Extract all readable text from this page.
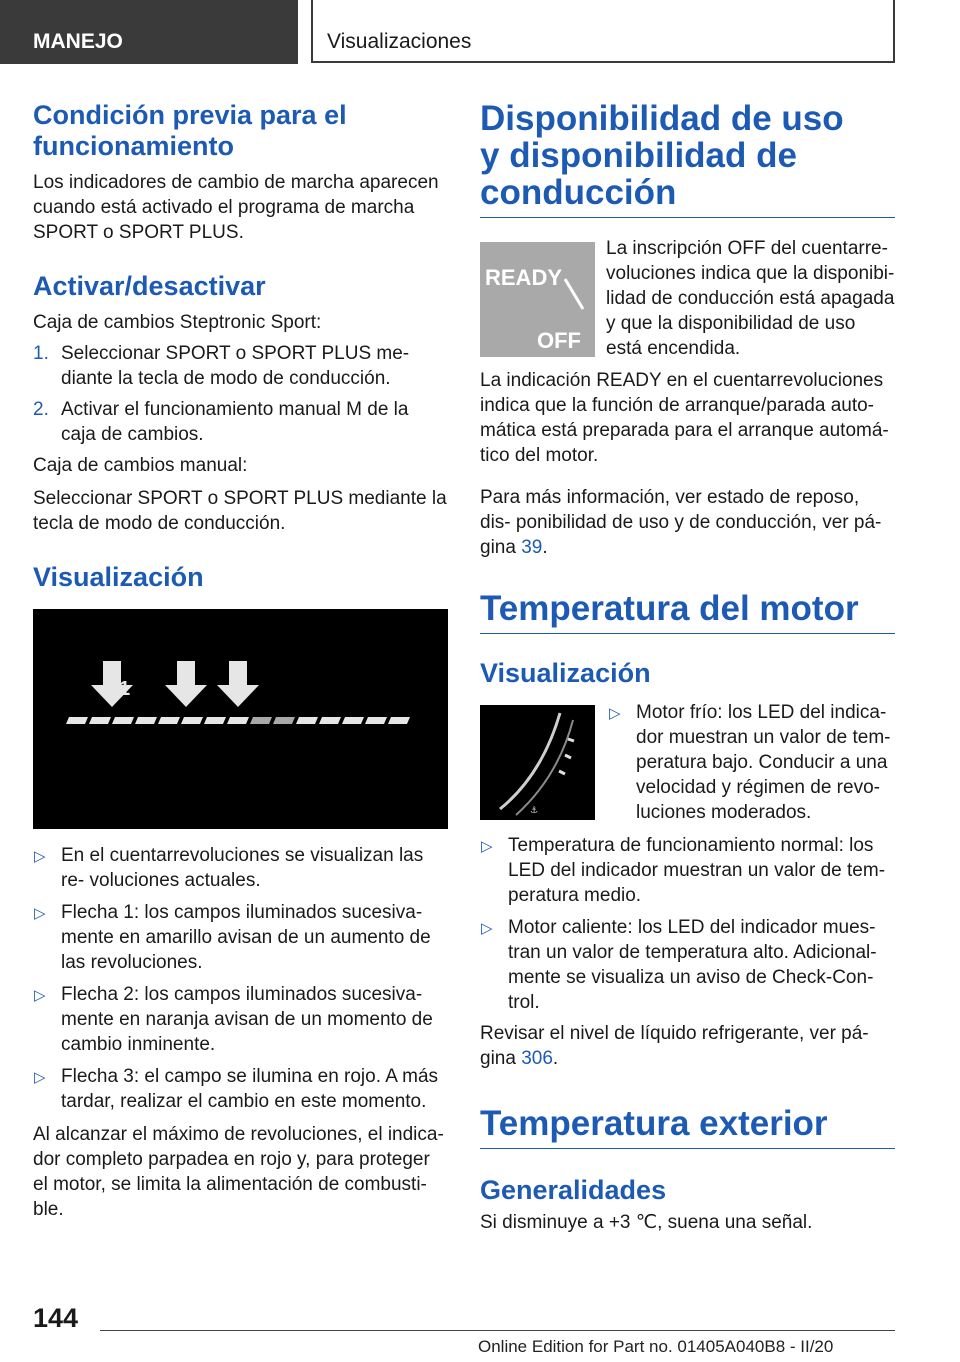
MANEJO	Visualizaciones
Condición previa para el funcionamiento

Los indicadores de cambio de marcha aparecen cuando está activado el programa de marcha SPORT o SPORT PLUS.

Activar/desactivar

Caja de cambios Steptronic Sport:

1. Seleccionar SPORT o SPORT PLUS me- diante la tecla de modo de conducción.
2. Activar el funcionamiento manual M de la caja de cambios.

Caja de cambios manual:

Seleccionar SPORT o SPORT PLUS mediante la tecla de modo de conducción.

Visualización
1 2 3
▷ En el cuentarrevoluciones se visualizan las re- voluciones actuales.
▷ Flecha 1: los campos iluminados sucesiva- mente en amarillo avisan de un aumento de las revoluciones.
▷ Flecha 2: los campos iluminados sucesiva- mente en naranja avisan de un momento de cambio inminente.
▷ Flecha 3: el campo se ilumina en rojo. A más tardar, realizar el cambio en este momento.

Al alcanzar el máximo de revoluciones, el indica- dor completo parpadea en rojo y, para proteger el motor, se limita la alimentación de combusti- ble.

Disponibilidad de uso y disponibilidad de conducción
READY
OFF

La inscripción OFF del cuentarre- voluciones indica que la disponibi- lidad de conducción está apagada y que la disponibilidad de uso está encendida.

La indicación READY en el cuentarrevoluciones indica que la función de arranque/parada auto- mática está preparada para el arranque automá- tico del motor.

Para más información, ver estado de reposo, dis- ponibilidad de uso y de conducción, ver pá- gina 39.

Temperatura del motor
Visualización
⚓
▷ Motor frío: los LED del indica- dor muestran un valor de tem- peratura bajo. Conducir a una velocidad y régimen de revo- luciones moderados.
▷ Temperatura de funcionamiento normal: los LED del indicador muestran un valor de tem- peratura medio.
▷ Motor caliente: los LED del indicador mues- tran un valor de temperatura alto. Adicional- mente se visualiza un aviso de Check-Con- trol.

Revisar el nivel de líquido refrigerante, ver pá- gina 306.

Temperatura exterior
Generalidades

Si disminuye a +3 ℃, suena una señal.

144
Online Edition for Part no. 01405A040B8 - II/20
